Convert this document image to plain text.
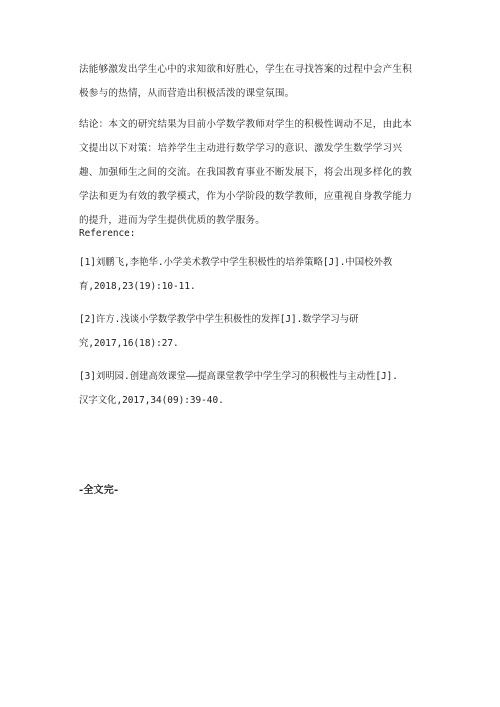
法能够激发出学生心中的求知欲和好胜心，学生在寻找答案的过程中会产生积
极参与的热情，从而营造出积极活泼的课堂氛围。
结论：本文的研究结果为目前小学数学教师对学生的积极性调动不足，由此本
文提出以下对策：培养学生主动进行数学学习的意识、激发学生数学学习兴
趣、加强师生之间的交流。在我国教育事业不断发展下，将会出现多样化的教
学法和更为有效的教学模式，作为小学阶段的数学教师，应重视自身教学能力
的提升，进而为学生提供优质的教学服务。
Reference:
[1]刘鹏飞,李艳华.小学美术教学中学生积极性的培养策略[J].中国校外教
育,2018,23(19):10-11.
[2]许方.浅谈小学数学教学中学生积极性的发挥[J].数学学习与研
究,2017,16(18):27.
[3]刘明园.创建高效课堂——提高课堂教学中学生学习的积极性与主动性[J].
汉字文化,2017,34(09):39-40.
-全文完-
